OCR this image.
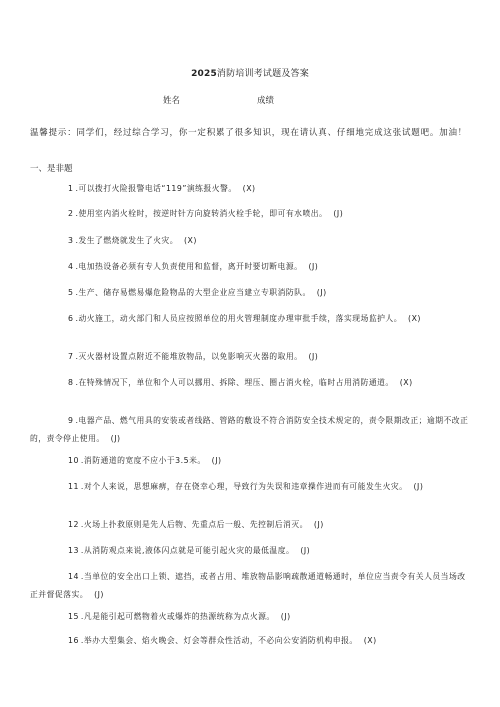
2025消防培训考试题及答案
姓名	成绩
温馨提示：同学们，经过综合学习，你一定积累了很多知识，现在请认真、仔细地完成这张试题吧。加油！
一、是非题
1 .可以拨打火险报警电话“119”演练报火警。 (X)
2 .使用室内消火栓时，按逆时针方向旋转消火栓手轮，即可有水喷出。 (J)
3 .发生了燃烧就发生了火灾。 (X)
4 .电加热设备必须有专人负责使用和监督，离开时要切断电源。 (J)
5 .生产、储存易燃易爆危险物品的大型企业应当建立专职消防队。 (J)
6 .动火施工，动火部门和人员应按照单位的用火管理制度办理审批手续，落实现场监护人。 (X)
7 .灭火器材设置点附近不能堆放物品，以免影响灭火器的取用。 (J)
8 .在特殊情况下，单位和个人可以挪用、拆除、埋压、圈占消火栓，临时占用消防通道。 (X)
9 .电器产品、燃气用具的安装或者线路、管路的敷设不符合消防安全技术规定的，责令限期改正；逾期不改正的，责令停止使用。 (J)
10 .消防通道的宽度不应小于3.5米。 (J)
11 .对个人来说，思想麻痹，存在侥幸心理，导致行为失误和违章操作进而有可能发生火灾。 (J)
12 .火场上扑救原则是先人后物、先重点后一般、先控制后消灭。 (J)
13 .从消防观点来说,液体闪点就是可能引起火灾的最低温度。 (J)
14 .当单位的安全出口上锁、遮挡，或者占用、堆放物品影响疏散通道畅通时，单位应当责令有关人员当场改正并督促落实。 (J)
15 .凡是能引起可燃物着火或爆炸的热源统称为点火源。 (J)
16 .举办大型集会、焰火晚会、灯会等群众性活动，不必向公安消防机构申报。 (X)
